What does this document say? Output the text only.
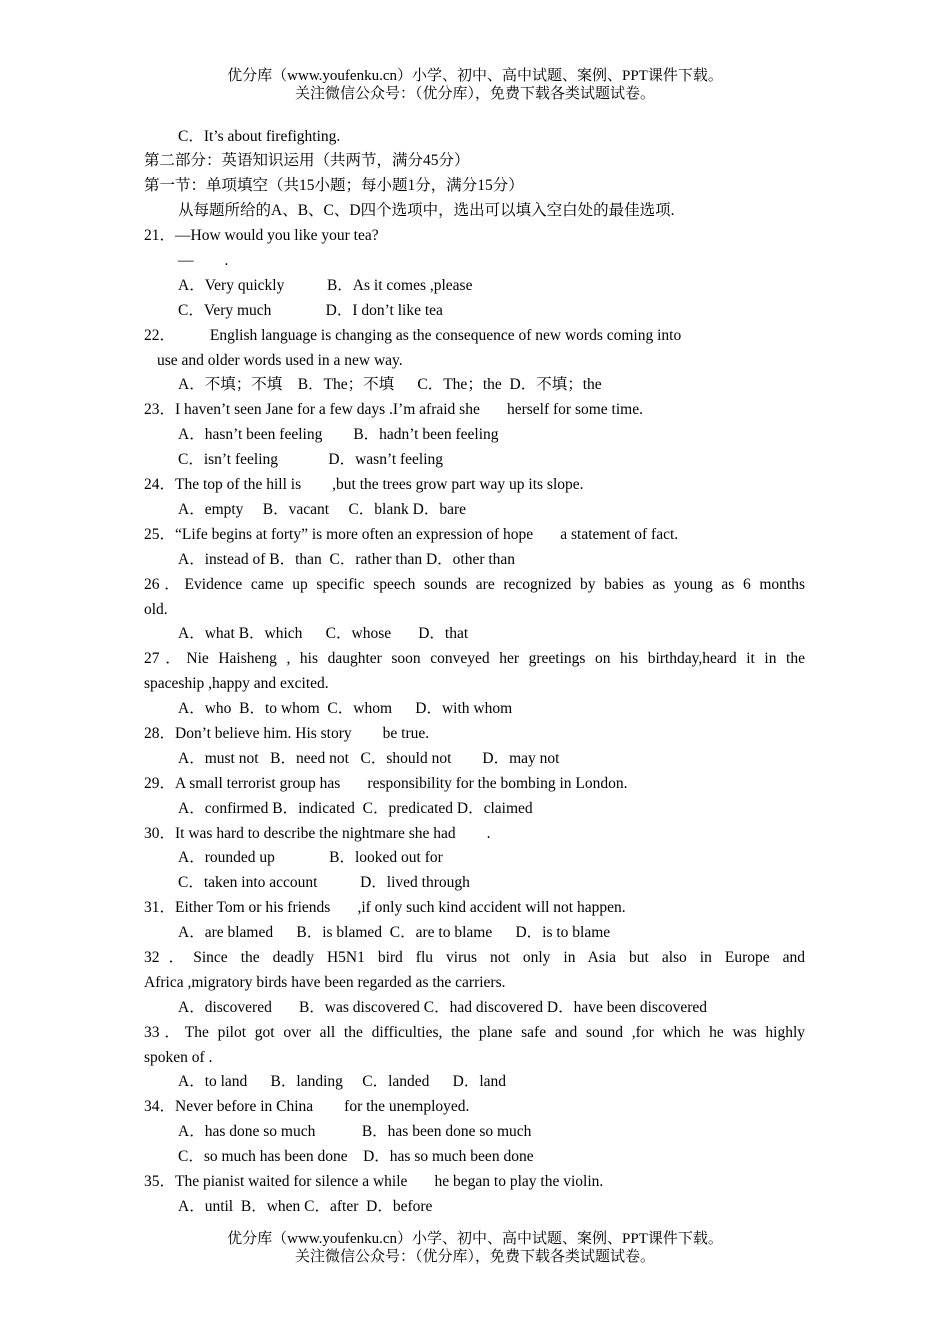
优分库（www.youfenku.cn）小学、初中、高中试题、案例、PPT课件下载。
关注微信公众号：（优分库），免费下载各类试题试卷。
C．It’s about firefighting.
第二部分：英语知识运用（共两节，满分45分）
第一节：单项填空（共15小题；每小题1分，满分15分）
从每题所给的A、B、C、D四个选项中，选出可以填入空白处的最佳选项.
21．—How would you like your tea?
—        .
A．Very quickly           B．As it comes ,please
C．Very much              D．I don’t like tea
22．         English language is changing as the consequence of new words coming into
use and older words used in a new way.
A．不填；不填    B．The；不填      C．The；the  D．不填；the
23．I haven’t seen Jane for a few days .I’m afraid she       herself for some time.
A．hasn’t been feeling        B．hadn’t been feeling
C．isn’t feeling             D．wasn’t feeling
24．The top of the hill is        ,but the trees grow part way up its slope.
A．empty     B．vacant     C．blank D．bare
25．“Life begins at forty” is more often an expression of hope       a statement of fact.
A．instead of B．than  C．rather than D．other than
26．Evidence came up specific speech sounds are recognized by babies as young as 6 months
old.
A．what B．which      C．whose       D．that
27．Nie Haisheng , his daughter soon conveyed her greetings on his birthday,heard it in the
spaceship ,happy and excited.
A．who  B．to whom  C．whom      D．with whom
28．Don’t believe him. His story        be true.
A．must not   B．need not   C．should not        D．may not
29．A small terrorist group has       responsibility for the bombing in London.
A．confirmed B．indicated  C．predicated D．claimed
30．It was hard to describe the nightmare she had        .
A．rounded up              B．looked out for
C．taken into account           D．lived through
31．Either Tom or his friends       ,if only such kind accident will not happen.
A．are blamed      B．is blamed  C．are to blame      D．is to blame
32．Since the deadly H5N1 bird flu virus not only in Asia but also in Europe and
Africa ,migratory birds have been regarded as the carriers.
A．discovered       B．was discovered C．had discovered D．have been discovered
33．The pilot got over all the difficulties, the plane safe and sound ,for which he was highly
spoken of .
A．to land      B．landing     C．landed      D．land
34．Never before in China        for the unemployed.
A．has done so much            B．has been done so much
C．so much has been done    D．has so much been done
35．The pianist waited for silence a while       he began to play the violin.
A．until  B．when C．after  D．before
优分库（www.youfenku.cn）小学、初中、高中试题、案例、PPT课件下载。
关注微信公众号：（优分库），免费下载各类试题试卷。
